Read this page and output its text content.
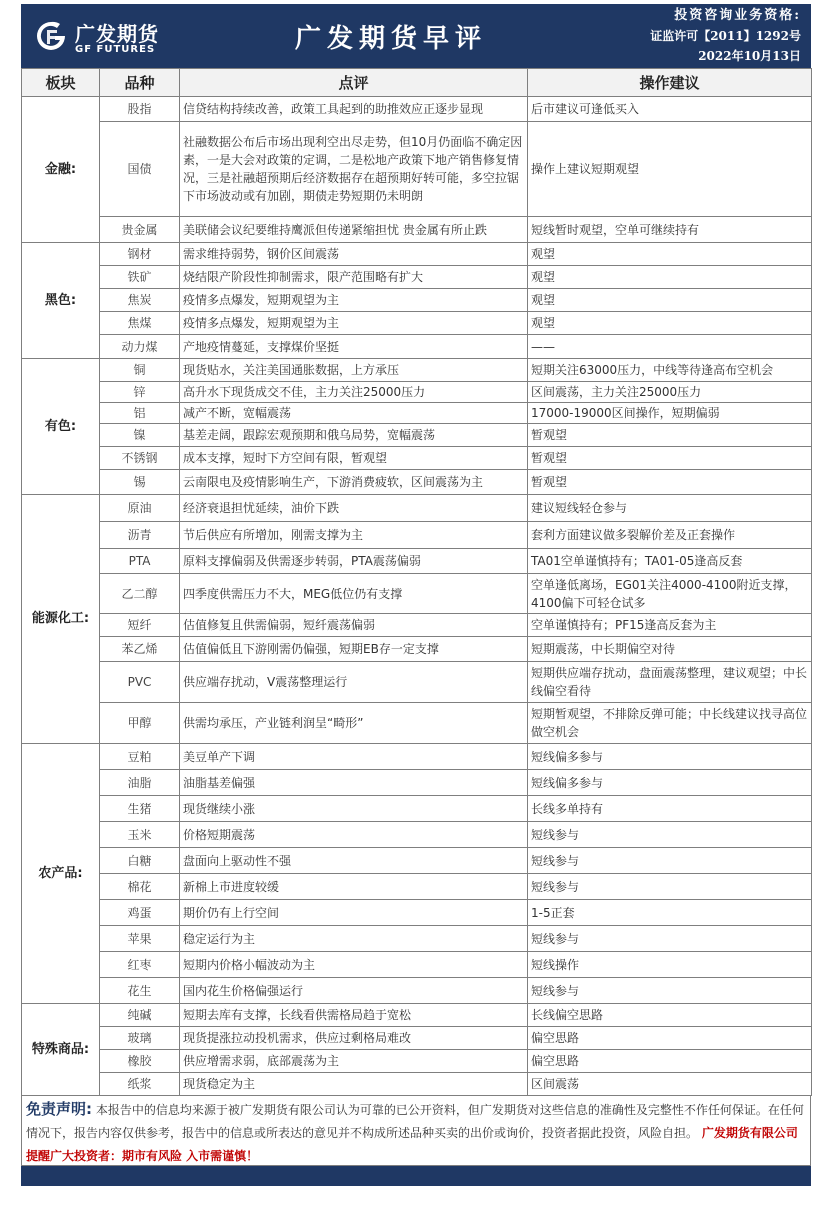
广发期货
GF FUTURES	广发期货早评
投资咨询业务资格:
证监许可【2011】1292号
2022年10月13日
板块	品种	点评	操作建议
金融:	股指	信贷结构持续改善，政策工具起到的助推效应正逐步显现	后市建议可逢低买入
	国债	社融数据公布后市场出现利空出尽走势，但10月仍面临不确定因素，一是大会对政策的定调，二是松地产政策下地产销售修复情况，三是社融超预期后经济数据存在超预期好转可能，多空拉锯下市场波动或有加剧，期债走势短期仍未明朗	操作上建议短期观望
	贵金属	美联储会议纪要维持鹰派但传递紧缩担忧 贵金属有所止跌	短线暂时观望，空单可继续持有
黑色:	钢材	需求维持弱势，钢价区间震荡	观望
	铁矿	烧结限产阶段性抑制需求，限产范围略有扩大	观望
	焦炭	疫情多点爆发，短期观望为主	观望
	焦煤	疫情多点爆发，短期观望为主	观望
	动力煤	产地疫情蔓延，支撑煤价坚挺	——
有色:	铜	现货贴水，关注美国通胀数据，上方承压	短期关注63000压力，中线等待逢高布空机会
	锌	高升水下现货成交不佳，主力关注25000压力	区间震荡，主力关注25000压力
	铝	减产不断，宽幅震荡	17000-19000区间操作，短期偏弱
	镍	基差走阔，跟踪宏观预期和俄乌局势，宽幅震荡	暂观望
	不锈钢	成本支撑，短时下方空间有限，暂观望	暂观望
	锡	云南限电及疫情影响生产，下游消费疲软，区间震荡为主	暂观望
能源化工:	原油	经济衰退担忧延续，油价下跌	建议短线轻仓参与
	沥青	节后供应有所增加，刚需支撑为主	套利方面建议做多裂解价差及正套操作
	PTA	原料支撑偏弱及供需逐步转弱，PTA震荡偏弱	TA01空单谨慎持有；TA01-05逢高反套
	乙二醇	四季度供需压力不大，MEG低位仍有支撑	空单逢低离场，EG01关注4000-4100附近支撑，4100偏下可轻仓试多
	短纤	估值修复且供需偏弱，短纤震荡偏弱	空单谨慎持有；PF15逢高反套为主
	苯乙烯	估值偏低且下游刚需仍偏强，短期EB存一定支撑	短期震荡，中长期偏空对待
	PVC	供应端存扰动，V震荡整理运行	短期供应端存扰动，盘面震荡整理，建议观望；中长线偏空看待
	甲醇	供需均承压，产业链利润呈“畸形”	短期暂观望，不排除反弹可能；中长线建议找寻高位做空机会
农产品:	豆粕	美豆单产下调	短线偏多参与
	油脂	油脂基差偏强	短线偏多参与
	生猪	现货继续小涨	长线多单持有
	玉米	价格短期震荡	短线参与
	白糖	盘面向上驱动性不强	短线参与
	棉花	新棉上市进度较缓	短线参与
	鸡蛋	期价仍有上行空间	1-5正套
	苹果	稳定运行为主	短线参与
	红枣	短期内价格小幅波动为主	短线操作
	花生	国内花生价格偏强运行	短线参与
特殊商品:	纯碱	短期去库有支撑，长线看供需格局趋于宽松	长线偏空思路
	玻璃	现货提涨拉动投机需求，供应过剩格局难改	偏空思路
	橡胶	供应增需求弱，底部震荡为主	偏空思路
	纸浆	现货稳定为主	区间震荡
免责声明: 本报告中的信息均来源于被广发期货有限公司认为可靠的已公开资料，但广发期货对这些信息的准确性及完整性不作任何保证。在任何情况下，报告内容仅供参考，报告中的信息或所表达的意见并不构成所述品种买卖的出价或询价，投资者据此投资，风险自担。 广发期货有限公司提醒广大投资者：期市有风险 入市需谨慎！
